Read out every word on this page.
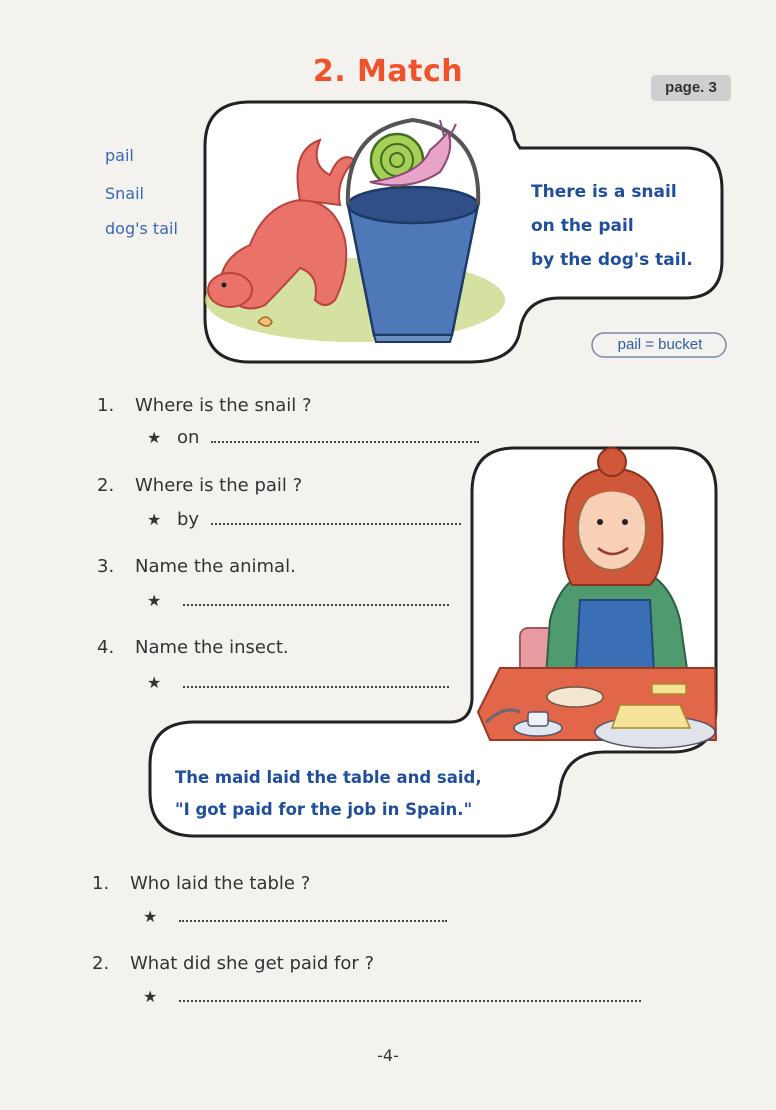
2. Match	page. 3
pail
Snail
dog's tail
There is a snail
on the pail
by the dog's tail.
pail = bucket
1. Where is the snail ?
★ on
2. Where is the pail ?
★ by
3. Name the animal.
★
4. Name the insect.
★
The maid laid the table and said,
"I got paid for the job in Spain."
1. Who laid the table ?
★
2. What did she get paid for ?
★
-4-
